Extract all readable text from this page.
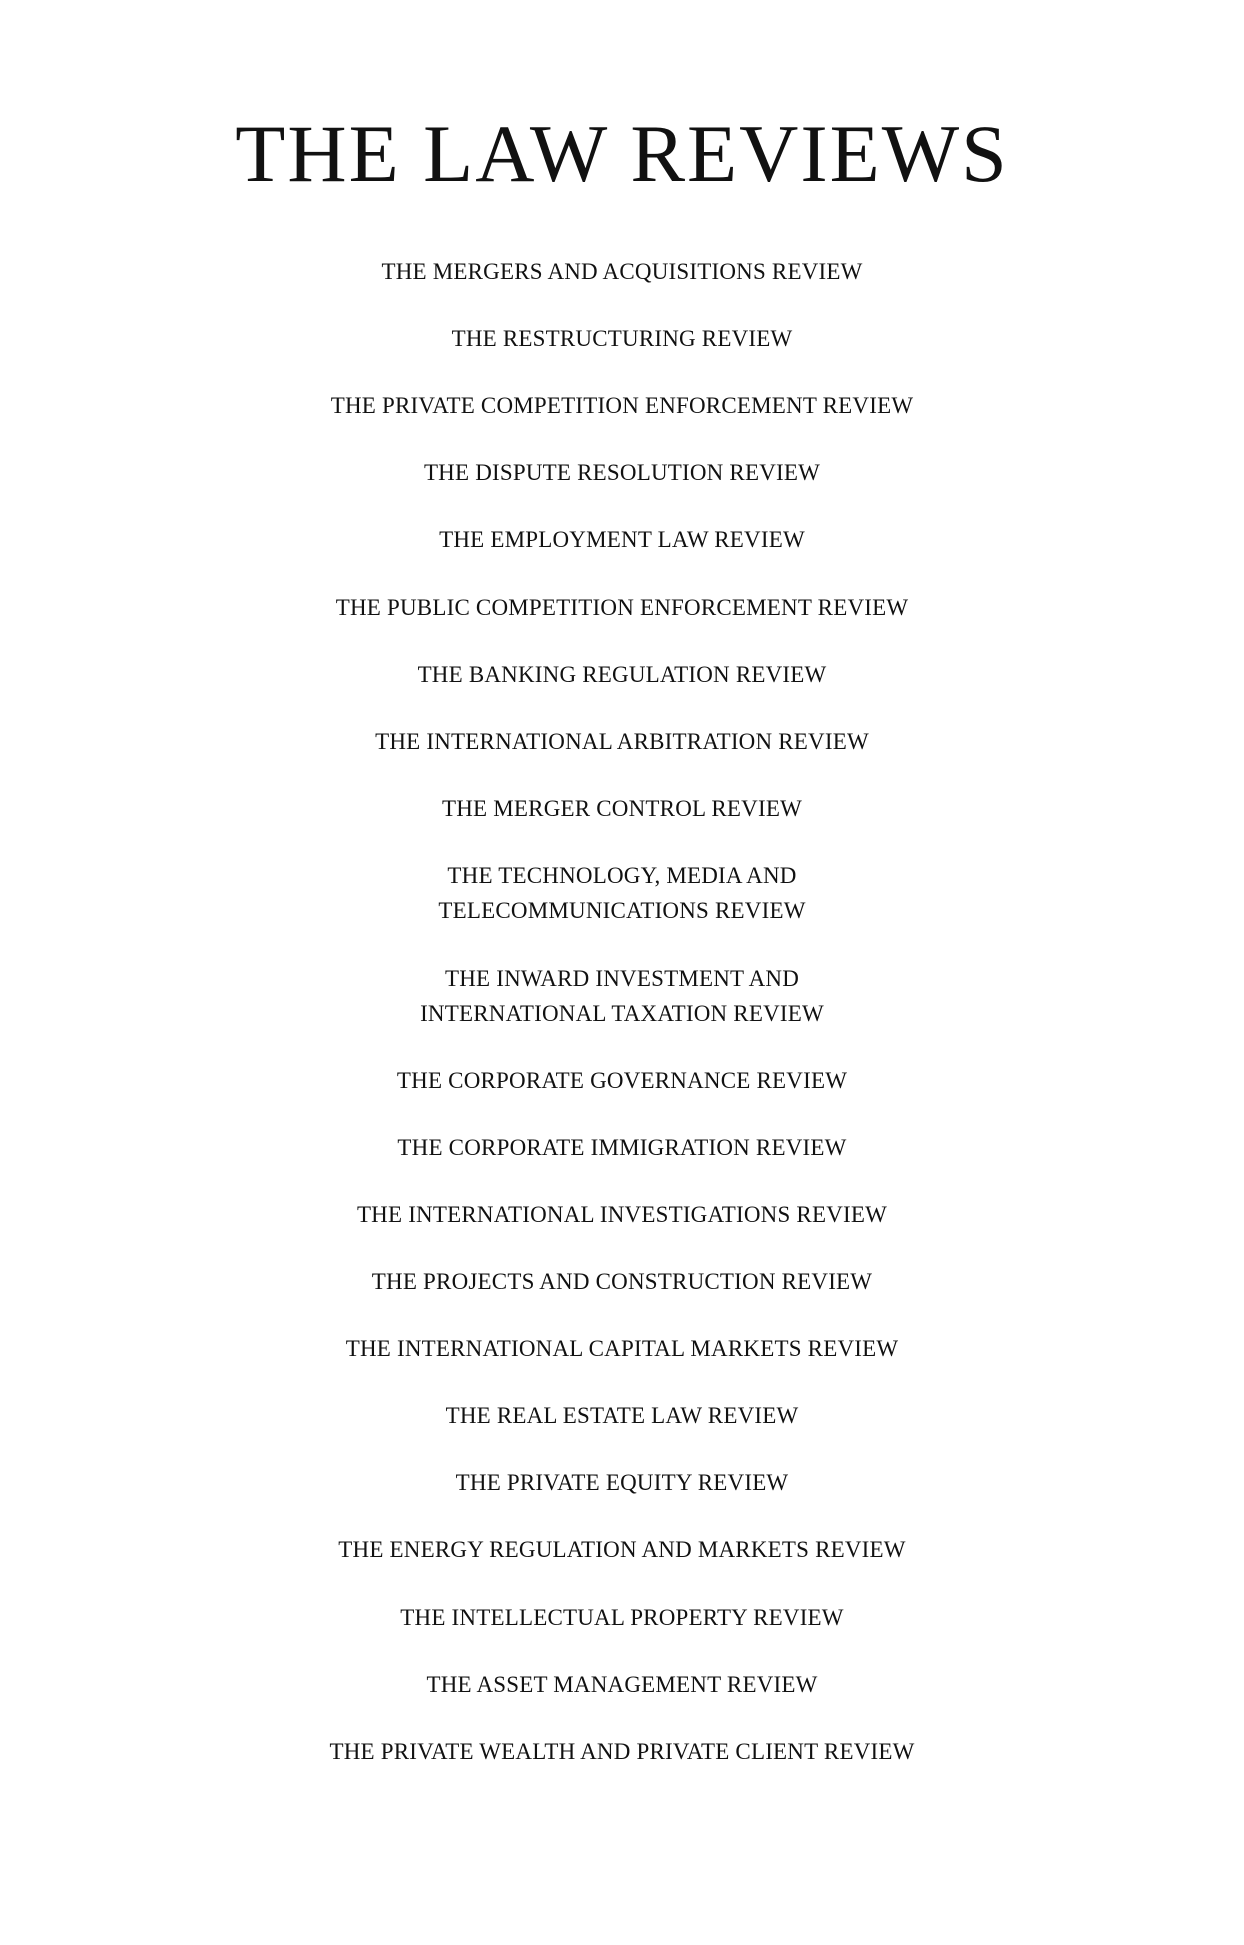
THE LAW REVIEWS
THE MERGERS AND ACQUISITIONS REVIEW
THE RESTRUCTURING REVIEW
THE PRIVATE COMPETITION ENFORCEMENT REVIEW
THE DISPUTE RESOLUTION REVIEW
THE EMPLOYMENT LAW REVIEW
THE PUBLIC COMPETITION ENFORCEMENT REVIEW
THE BANKING REGULATION REVIEW
THE INTERNATIONAL ARBITRATION REVIEW
THE MERGER CONTROL REVIEW
THE TECHNOLOGY, MEDIA AND
TELECOMMUNICATIONS REVIEW
THE INWARD INVESTMENT AND
INTERNATIONAL TAXATION REVIEW
THE CORPORATE GOVERNANCE REVIEW
THE CORPORATE IMMIGRATION REVIEW
THE INTERNATIONAL INVESTIGATIONS REVIEW
THE PROJECTS AND CONSTRUCTION REVIEW
THE INTERNATIONAL CAPITAL MARKETS REVIEW
THE REAL ESTATE LAW REVIEW
THE PRIVATE EQUITY REVIEW
THE ENERGY REGULATION AND MARKETS REVIEW
THE INTELLECTUAL PROPERTY REVIEW
THE ASSET MANAGEMENT REVIEW
THE PRIVATE WEALTH AND PRIVATE CLIENT REVIEW
